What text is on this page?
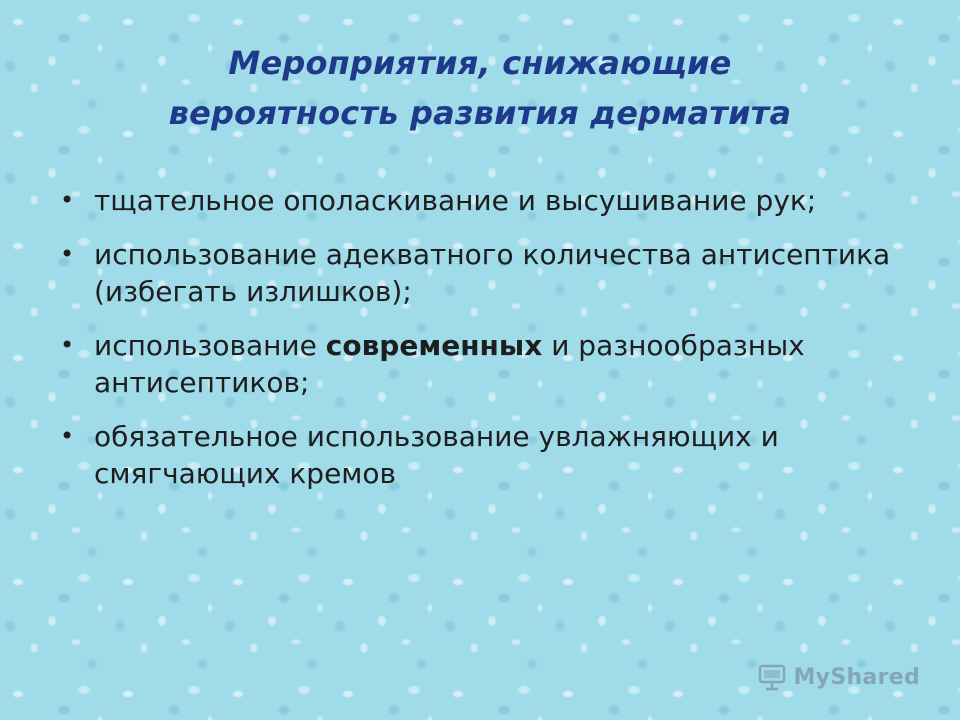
Мероприятия, снижающие
вероятность развития дерматита
• тщательное ополаскивание и высушивание рук;
• использование адекватного количества антисептика (избегать излишков);
• использование современных и разнообразных антисептиков;
• обязательное использование увлажняющих и смягчающих кремов
MyShared
